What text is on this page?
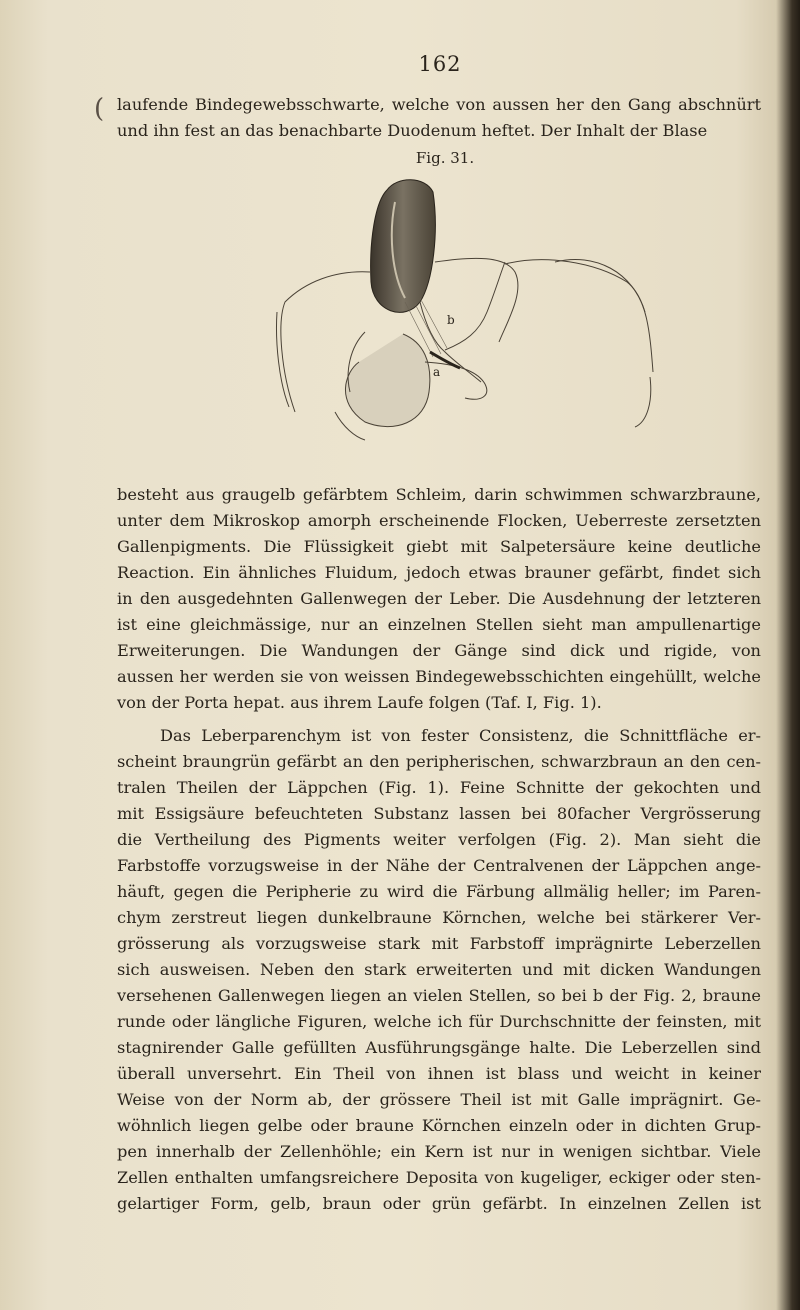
162
( laufende Bindegewebsschwarte, welche von aussen her den Gang abschnürt
und ihn fest an das benachbarte Duodenum heftet. Der Inhalt der Blase
Fig. 31.
b
a
besteht aus graugelb gefärbtem Schleim, darin schwimmen schwarzbraune,
unter dem Mikroskop amorph erscheinende Flocken, Ueberreste zersetzten
Gallenpigments. Die Flüssigkeit giebt mit Salpetersäure keine deutliche
Reaction. Ein ähnliches Fluidum, jedoch etwas brauner gefärbt, findet sich
in den ausgedehnten Gallenwegen der Leber. Die Ausdehnung der letzteren
ist eine gleichmässige, nur an einzelnen Stellen sieht man ampullenartige
Erweiterungen. Die Wandungen der Gänge sind dick und rigide, von
aussen her werden sie von weissen Bindegewebsschichten eingehüllt, welche
von der Porta hepat. aus ihrem Laufe folgen (Taf. I, Fig. 1).
Das Leberparenchym ist von fester Consistenz, die Schnittfläche er-
scheint braungrün gefärbt an den peripherischen, schwarzbraun an den cen-
tralen Theilen der Läppchen (Fig. 1). Feine Schnitte der gekochten und
mit Essigsäure befeuchteten Substanz lassen bei 80facher Vergrösserung
die Vertheilung des Pigments weiter verfolgen (Fig. 2). Man sieht die
Farbstoffe vorzugsweise in der Nähe der Centralvenen der Läppchen ange-
häuft, gegen die Peripherie zu wird die Färbung allmälig heller; im Paren-
chym zerstreut liegen dunkelbraune Körnchen, welche bei stärkerer Ver-
grösserung als vorzugsweise stark mit Farbstoff imprägnirte Leberzellen
sich ausweisen. Neben den stark erweiterten und mit dicken Wandungen
versehenen Gallenwegen liegen an vielen Stellen, so bei b der Fig. 2, braune
runde oder längliche Figuren, welche ich für Durchschnitte der feinsten, mit
stagnirender Galle gefüllten Ausführungsgänge halte. Die Leberzellen sind
überall unversehrt. Ein Theil von ihnen ist blass und weicht in keiner
Weise von der Norm ab, der grössere Theil ist mit Galle imprägnirt. Ge-
wöhnlich liegen gelbe oder braune Körnchen einzeln oder in dichten Grup-
pen innerhalb der Zellenhöhle; ein Kern ist nur in wenigen sichtbar. Viele
Zellen enthalten umfangsreichere Deposita von kugeliger, eckiger oder sten-
gelartiger Form, gelb, braun oder grün gefärbt. In einzelnen Zellen ist
